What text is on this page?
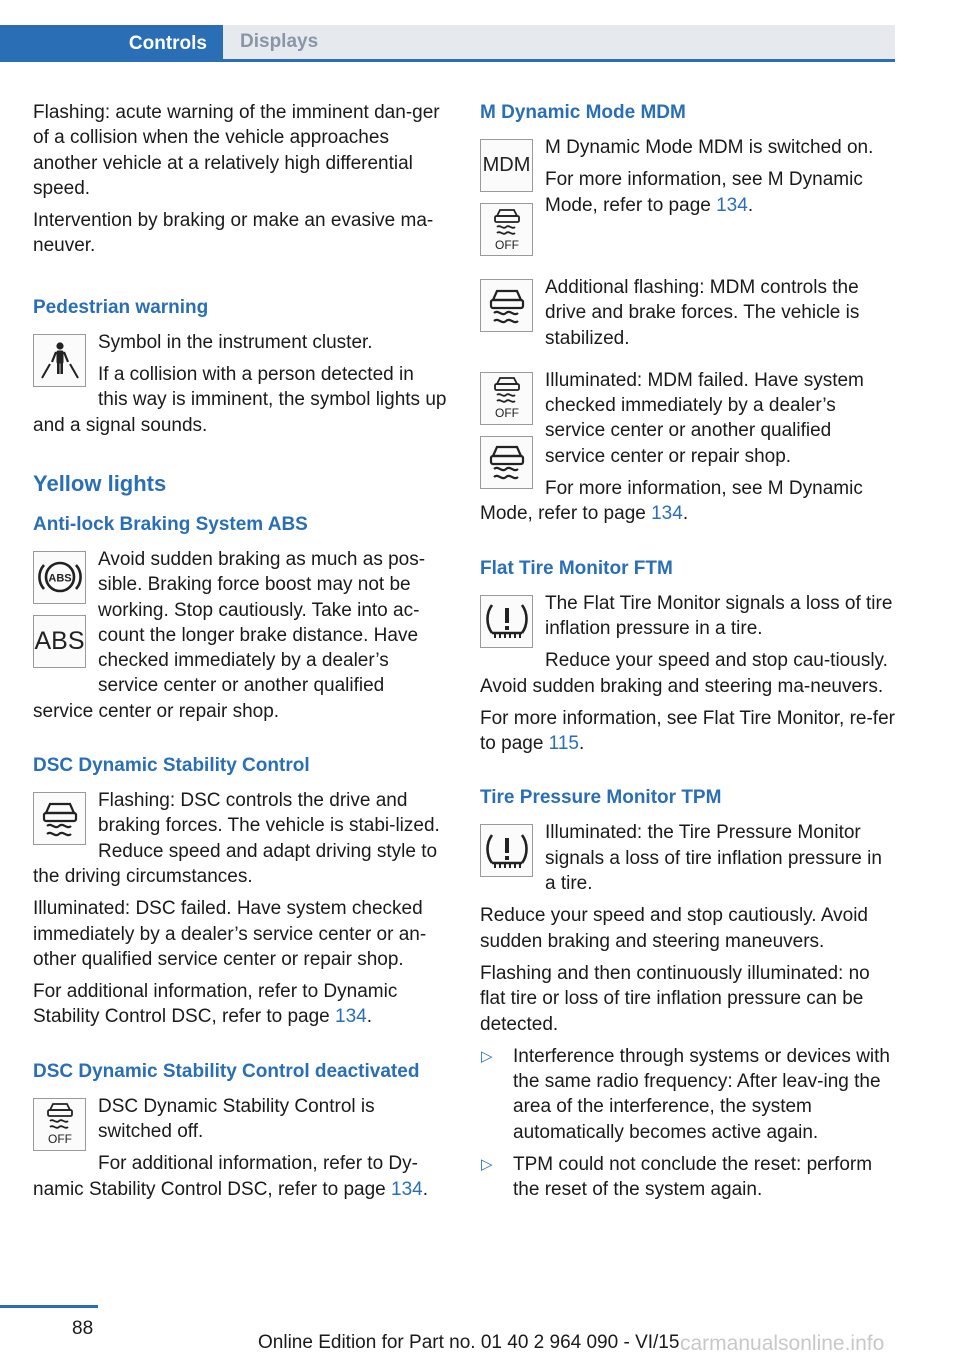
Controls	Displays

Flashing: acute warning of the imminent dan‐ger of a collision when the vehicle approaches another vehicle at a relatively high differential speed.

Intervention by braking or make an evasive ma‐neuver.

Pedestrian warning

Symbol in the instrument cluster.

If a collision with a person detected in this way is imminent, the symbol lights up and a signal sounds.

Yellow lights
Anti-lock Braking System ABS
ABS
ABS

Avoid sudden braking as much as pos‐sible. Braking force boost may not be working. Stop cautiously. Take into ac‐count the longer brake distance. Have checked immediately by a dealer’s service center or another qualified service center or repair shop.

DSC Dynamic Stability Control

Flashing: DSC controls the drive and braking forces. The vehicle is stabi‐lized. Reduce speed and adapt driving style to the driving circumstances.

Illuminated: DSC failed. Have system checked immediately by a dealer’s service center or an‐other qualified service center or repair shop.

For additional information, refer to Dynamic Stability Control DSC, refer to page 134.

DSC Dynamic Stability Control deactivated
OFF

DSC Dynamic Stability Control is switched off.

For additional information, refer to Dy‐namic Stability Control DSC, refer to page 134.

M Dynamic Mode MDM
MDM
OFF

M Dynamic Mode MDM is switched on.

For more information, see M Dynamic Mode, refer to page 134.

Additional flashing: MDM controls the drive and brake forces. The vehicle is stabilized.

OFF

Illuminated: MDM failed. Have system checked immediately by a dealer’s service center or another qualified service center or repair shop.

For more information, see M Dynamic Mode, refer to page 134.

Flat Tire Monitor FTM

The Flat Tire Monitor signals a loss of tire inflation pressure in a tire.

Reduce your speed and stop cau‐tiously. Avoid sudden braking and steering ma‐neuvers.

For more information, see Flat Tire Monitor, re‐fer to page 115.

Tire Pressure Monitor TPM

Illuminated: the Tire Pressure Monitor signals a loss of tire inflation pressure in a tire.

Reduce your speed and stop cautiously. Avoid sudden braking and steering maneuvers.

Flashing and then continuously illuminated: no flat tire or loss of tire inflation pressure can be detected.

▷ Interference through systems or devices with the same radio frequency: After leav‐ing the area of the interference, the system automatically becomes active again.
▷ TPM could not conclude the reset: perform the reset of the system again.
88
Online Edition for Part no. 01 40 2 964 090 - VI/15 carmanualsonline.info
